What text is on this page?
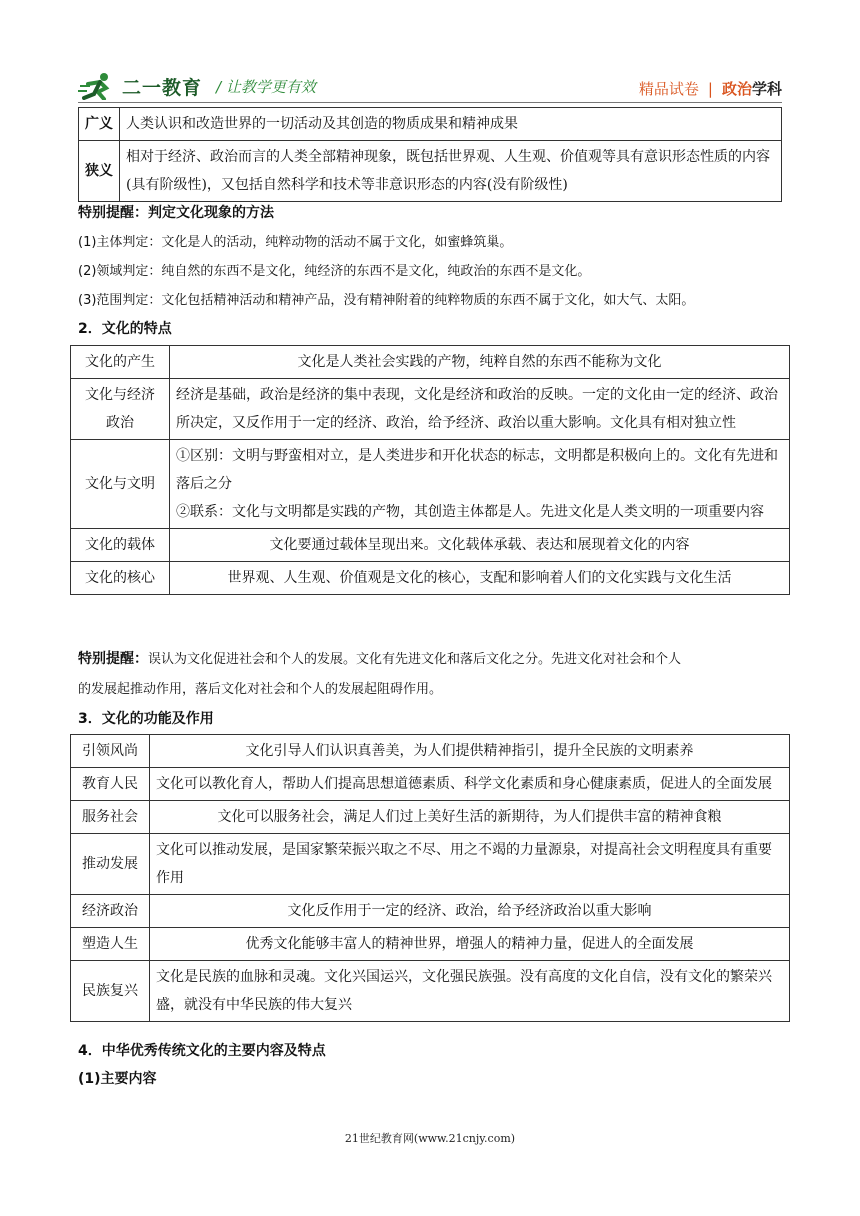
二一教育 / 让教学更有效	精品试卷 | 政治学科
广义	人类认识和改造世界的一切活动及其创造的物质成果和精神成果
狭义	相对于经济、政治而言的人类全部精神现象，既包括世界观、人生观、价值观等具有意识形态性质的内容(具有阶级性)，又包括自然科学和技术等非意识形态的内容(没有阶级性)
特别提醒：判定文化现象的方法
(1)主体判定：文化是人的活动，纯粹动物的活动不属于文化，如蜜蜂筑巢。
(2)领域判定：纯自然的东西不是文化，纯经济的东西不是文化，纯政治的东西不是文化。
(3)范围判定：文化包括精神活动和精神产品，没有精神附着的纯粹物质的东西不属于文化，如大气、太阳。
2．文化的特点
文化的产生	文化是人类社会实践的产物，纯粹自然的东西不能称为文化
文化与经济政治	经济是基础，政治是经济的集中表现，文化是经济和政治的反映。一定的文化由一定的经济、政治所决定，又反作用于一定的经济、政治，给予经济、政治以重大影响。文化具有相对独立性
文化与文明	①区别：文明与野蛮相对立，是人类进步和开化状态的标志，文明都是积极向上的。文化有先进和落后之分
②联系：文化与文明都是实践的产物，其创造主体都是人。先进文化是人类文明的一项重要内容

文化的载体	文化要通过载体呈现出来。文化载体承载、表达和展现着文化的内容
文化的核心	世界观、人生观、价值观是文化的核心，支配和影响着人们的文化实践与文化生活
特别提醒：误认为文化促进社会和个人的发展。文化有先进文化和落后文化之分。先进文化对社会和个人
的发展起推动作用，落后文化对社会和个人的发展起阻碍作用。
3．文化的功能及作用
引领风尚	文化引导人们认识真善美，为人们提供精神指引，提升全民族的文明素养
教育人民	文化可以教化育人，帮助人们提高思想道德素质、科学文化素质和身心健康素质，促进人的全面发展
服务社会	文化可以服务社会，满足人们过上美好生活的新期待，为人们提供丰富的精神食粮
推动发展	文化可以推动发展，是国家繁荣振兴取之不尽、用之不竭的力量源泉，对提高社会文明程度具有重要作用
经济政治	文化反作用于一定的经济、政治，给予经济政治以重大影响
塑造人生	优秀文化能够丰富人的精神世界，增强人的精神力量，促进人的全面发展
民族复兴	文化是民族的血脉和灵魂。文化兴国运兴，文化强民族强。没有高度的文化自信，没有文化的繁荣兴盛，就没有中华民族的伟大复兴
4．中华优秀传统文化的主要内容及特点
(1)主要内容
21世纪教育网(www.21cnjy.com)
